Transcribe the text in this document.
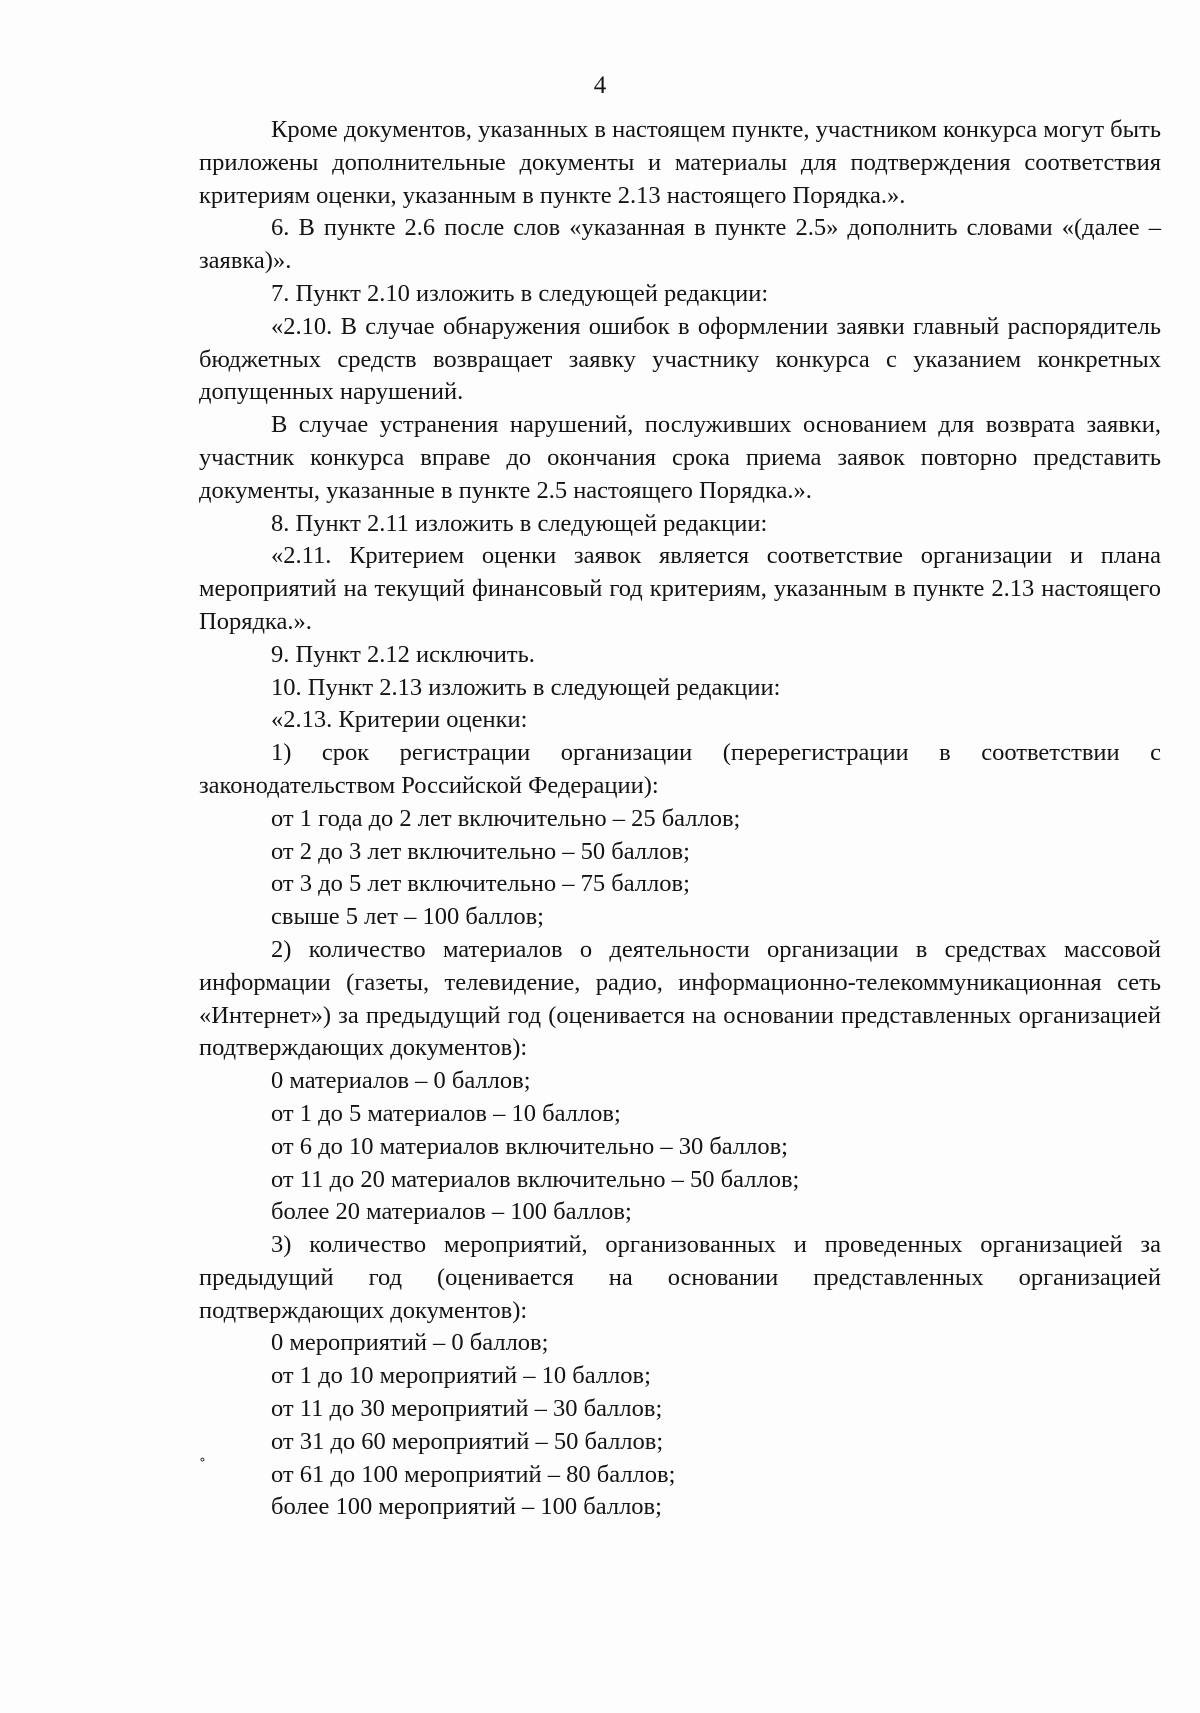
4

Кроме документов, указанных в настоящем пункте, участником конкурса могут быть приложены дополнительные документы и материалы для подтверждения соответствия критериям оценки, указанным в пункте 2.13 настоящего Порядка.».

6. В пункте 2.6 после слов «указанная в пункте 2.5» дополнить словами «(далее – заявка)».

7. Пункт 2.10 изложить в следующей редакции:

«2.10. В случае обнаружения ошибок в оформлении заявки главный распорядитель бюджетных средств возвращает заявку участнику конкурса с указанием конкретных допущенных нарушений.

В случае устранения нарушений, послуживших основанием для возврата заявки, участник конкурса вправе до окончания срока приема заявок повторно представить документы, указанные в пункте 2.5 настоящего Порядка.».

8. Пункт 2.11 изложить в следующей редакции:

«2.11. Критерием оценки заявок является соответствие организации и плана мероприятий на текущий финансовый год критериям, указанным в пункте 2.13 настоящего Порядка.».

9. Пункт 2.12 исключить.

10. Пункт 2.13 изложить в следующей редакции:

«2.13. Критерии оценки:

1) срок регистрации организации (перерегистрации в соответствии с законодательством Российской Федерации):

от 1 года до 2 лет включительно – 25 баллов;

от 2 до 3 лет включительно – 50 баллов;

от 3 до 5 лет включительно – 75 баллов;

свыше 5 лет – 100 баллов;

2) количество материалов о деятельности организации в средствах массовой информации (газеты, телевидение, радио, информационно-телекоммуникационная сеть «Интернет») за предыдущий год (оценивается на основании представленных организацией подтверждающих документов):

0 материалов – 0 баллов;

от 1 до 5 материалов – 10 баллов;

от 6 до 10 материалов включительно – 30 баллов;

от 11 до 20 материалов включительно – 50 баллов;

более 20 материалов – 100 баллов;

3) количество мероприятий, организованных и проведенных организацией за предыдущий год (оценивается на основании представленных организацией подтверждающих документов):

0 мероприятий – 0 баллов;

от 1 до 10 мероприятий – 10 баллов;

от 11 до 30 мероприятий – 30 баллов;

от 31 до 60 мероприятий – 50 баллов;

от 61 до 100 мероприятий – 80 баллов;

более 100 мероприятий – 100 баллов;

∘
